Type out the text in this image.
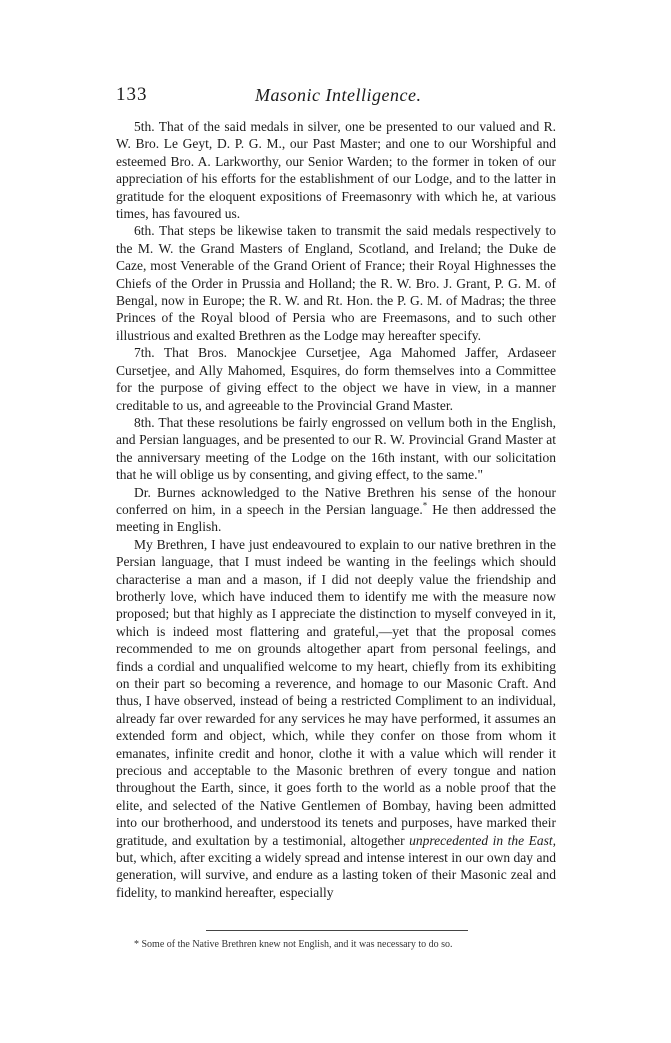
133	Masonic Intelligence.

5th. That of the said medals in silver, one be presented to our valued and R. W. Bro. Le Geyt, D. P. G. M., our Past Master; and one to our Worshipful and esteemed Bro. A. Larkworthy, our Senior Warden; to the former in token of our appreciation of his efforts for the establishment of our Lodge, and to the latter in gratitude for the eloquent expositions of Freemasonry with which he, at various times, has favoured us.

6th. That steps be likewise taken to transmit the said medals respectively to the M. W. the Grand Masters of England, Scotland, and Ireland; the Duke de Caze, most Venerable of the Grand Orient of France; their Royal Highnesses the Chiefs of the Order in Prussia and Holland; the R. W. Bro. J. Grant, P. G. M. of Bengal, now in Europe; the R. W. and Rt. Hon. the P. G. M. of Madras; the three Princes of the Royal blood of Persia who are Freemasons, and to such other illustrious and exalted Brethren as the Lodge may hereafter specify.

7th. That Bros. Manockjee Cursetjee, Aga Mahomed Jaffer, Ardaseer Cursetjee, and Ally Mahomed, Esquires, do form themselves into a Committee for the purpose of giving effect to the object we have in view, in a manner creditable to us, and agreeable to the Provincial Grand Master.

8th. That these resolutions be fairly engrossed on vellum both in the English, and Persian languages, and be presented to our R. W. Provincial Grand Master at the anniversary meeting of the Lodge on the 16th instant, with our solicitation that he will oblige us by consenting, and giving effect, to the same."

Dr. Burnes acknowledged to the Native Brethren his sense of the honour conferred on him, in a speech in the Persian language.* He then addressed the meeting in English.

My Brethren, I have just endeavoured to explain to our native brethren in the Persian language, that I must indeed be wanting in the feelings which should characterise a man and a mason, if I did not deeply value the friendship and brotherly love, which have induced them to identify me with the measure now proposed; but that highly as I appreciate the distinction to myself conveyed in it, which is indeed most flattering and grateful,—yet that the proposal comes recommended to me on grounds altogether apart from personal feelings, and finds a cordial and unqualified welcome to my heart, chiefly from its exhibiting on their part so becoming a reverence, and homage to our Masonic Craft. And thus, I have observed, instead of being a restricted Compliment to an individual, already far over rewarded for any services he may have performed, it assumes an extended form and object, which, while they confer on those from whom it emanates, infinite credit and honor, clothe it with a value which will render it precious and acceptable to the Masonic brethren of every tongue and nation throughout the Earth, since, it goes forth to the world as a noble proof that the elite, and selected of the Native Gentlemen of Bombay, having been admitted into our brotherhood, and understood its tenets and purposes, have marked their gratitude, and exultation by a testimonial, altogether unprecedented in the East, but, which, after exciting a widely spread and intense interest in our own day and generation, will survive, and endure as a lasting token of their Masonic zeal and fidelity, to mankind hereafter, especially

* Some of the Native Brethren knew not English, and it was necessary to do so.
